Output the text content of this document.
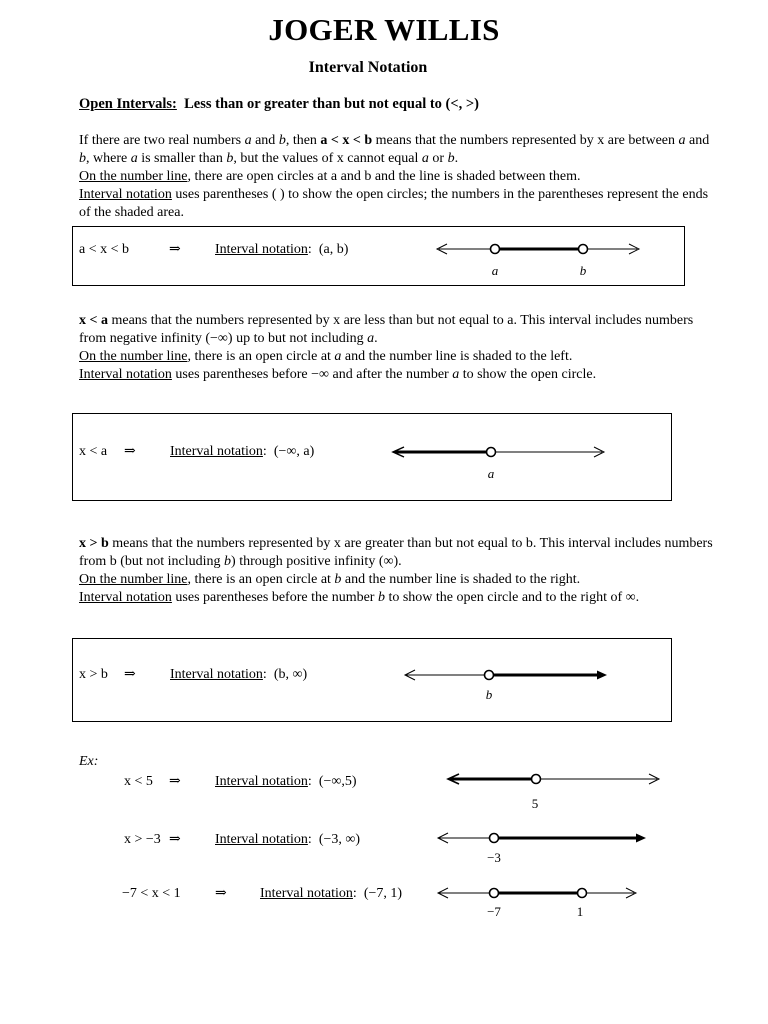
JOGER WILLIS
Interval Notation
Open Intervals: Less than or greater than but not equal to (<, >)

If there are two real numbers a and b, then a < x < b means that the numbers represented by x are between a and b, where a is smaller than b, but the values of x cannot equal a or b.

On the number line, there are open circles at a and b and the line is shaded between them.

Interval notation uses parentheses ( ) to show the open circles; the numbers in the parentheses represent the ends of the shaded area.

a < x < b	⇒ Interval notation: (a, b)
a	b

x < a means that the numbers represented by x are less than but not equal to a. This interval includes numbers from negative infinity (−∞) up to but not including a.

On the number line, there is an open circle at a and the number line is shaded to the left.

Interval notation uses parentheses before −∞ and after the number a to show the open circle.

x < a ⇒ Interval notation: (−∞, a)
a

x > b means that the numbers represented by x are greater than but not equal to b. This interval includes numbers from b (but not including b) through positive infinity (∞).

On the number line, there is an open circle at b and the number line is shaded to the right.

Interval notation uses parentheses before the number b to show the open circle and to the right of ∞.

x > b ⇒ Interval notation: (b, ∞)
b
Ex:
x < 5 ⇒ Interval notation: (−∞,5)
5
x > −3 ⇒ Interval notation: (−3, ∞)
−3
−7 < x < 1 ⇒ Interval notation: (−7, 1)
−7	1
